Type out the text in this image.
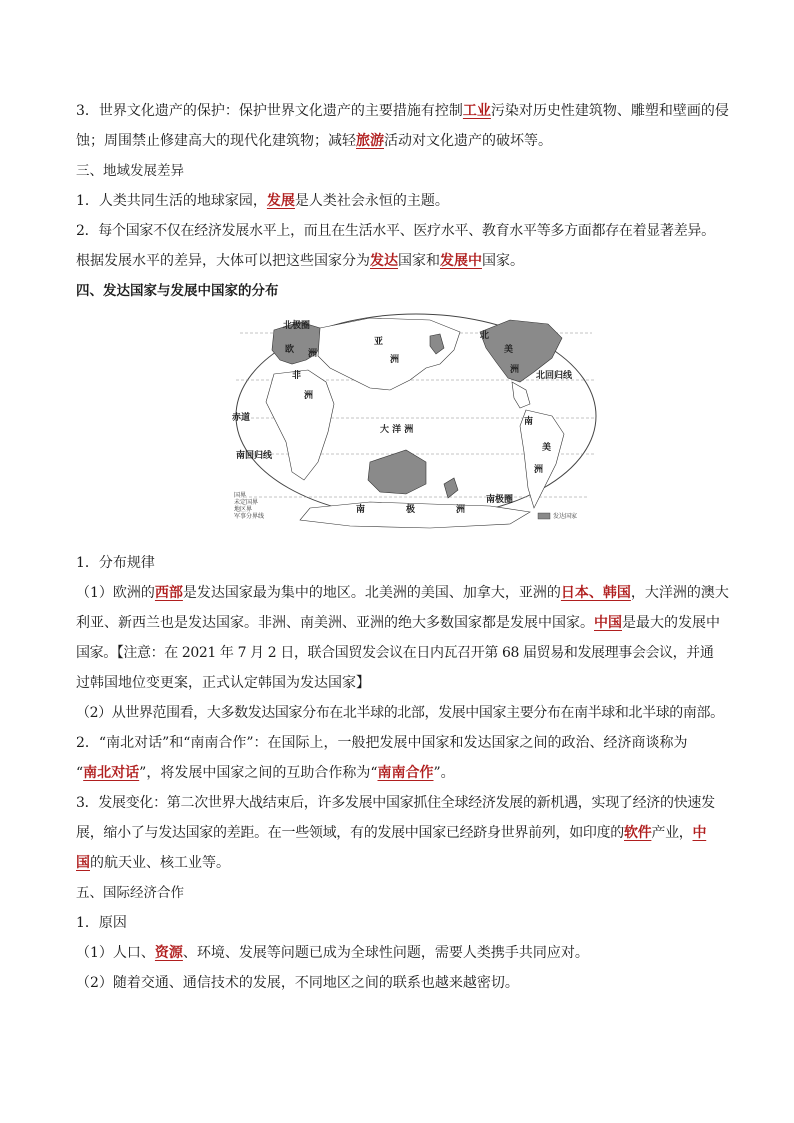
3．世界文化遗产的保护：保护世界文化遗产的主要措施有控制工业污染对历史性建筑物、雕塑和壁画的侵

蚀；周围禁止修建高大的现代化建筑物；减轻旅游活动对文化遗产的破坏等。

三、地域发展差异

1．人类共同生活的地球家园，发展是人类社会永恒的主题。

2．每个国家不仅在经济发展水平上，而且在生活水平、医疗水平、教育水平等多方面都存在着显著差异。

根据发展水平的差异，大体可以把这些国家分为发达国家和发展中国家。

四、发达国家与发展中国家的分布

北极圈
欧 洲
亚
洲
非
洲
赤道
大 洋 洲
北回归线
南回归线
北
美
洲
南
美
洲
南极圈
南	极	洲
国界
未定国界
地区界
军事分界线	发达国家

1．分布规律

（1）欧洲的西部是发达国家最为集中的地区。北美洲的美国、加拿大，亚洲的日本、韩国，大洋洲的澳大

利亚、新西兰也是发达国家。非洲、南美洲、亚洲的绝大多数国家都是发展中国家。中国是最大的发展中

国家。【注意：在 2021 年 7 月 2 日，联合国贸发会议在日内瓦召开第 68 届贸易和发展理事会会议，并通

过韩国地位变更案，正式认定韩国为发达国家】

（2）从世界范围看，大多数发达国家分布在北半球的北部，发展中国家主要分布在南半球和北半球的南部。

2．“南北对话”和“南南合作”：在国际上，一般把发展中国家和发达国家之间的政治、经济商谈称为

“南北对话”，将发展中国家之间的互助合作称为“南南合作”。

3．发展变化：第二次世界大战结束后，许多发展中国家抓住全球经济发展的新机遇，实现了经济的快速发

展，缩小了与发达国家的差距。在一些领域，有的发展中国家已经跻身世界前列，如印度的软件产业，中

国的航天业、核工业等。

五、国际经济合作

1．原因

（1）人口、资源、环境、发展等问题已成为全球性问题，需要人类携手共同应对。

（2）随着交通、通信技术的发展，不同地区之间的联系也越来越密切。
